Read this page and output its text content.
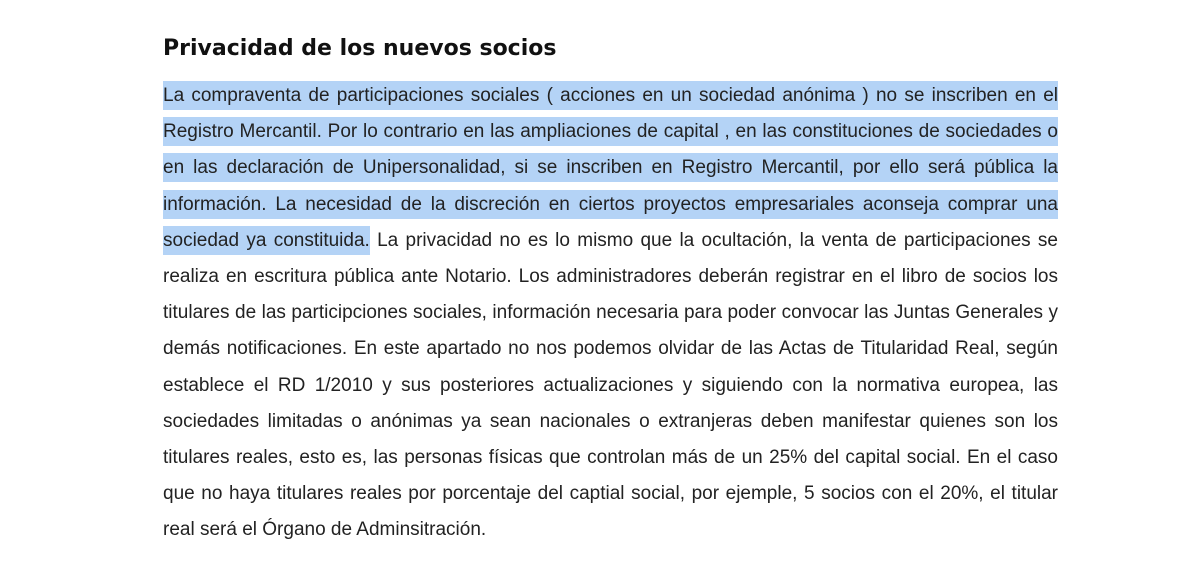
Privacidad de los nuevos socios

La compraventa de participaciones sociales ( acciones en un sociedad anónima ) no se inscriben en el Registro Mercantil. Por lo contrario en las ampliaciones de capital , en las constituciones de sociedades o en las declaración de Unipersonalidad, si se inscriben en Registro Mercantil, por ello será pública la información. La necesidad de la discreción en ciertos proyectos empresariales aconseja comprar una sociedad ya constituida. La privacidad no es lo mismo que la ocultación, la venta de participaciones se realiza en escritura pública ante Notario. Los administradores deberán registrar en el libro de socios los titulares de las participciones sociales, información necesaria para poder convocar las Juntas Generales y demás notificaciones. En este apartado no nos podemos olvidar de las Actas de Titularidad Real, según establece el RD 1/2010 y sus posteriores actualizaciones y siguiendo con la normativa europea, las sociedades limitadas o anónimas ya sean nacionales o extranjeras deben manifestar quienes son los titulares reales, esto es, las personas físicas que controlan más de un 25% del capital social. En el caso que no haya titulares reales por porcentaje del captial social, por ejemple, 5 socios con el 20%, el titular real será el Órgano de Adminsitración.
